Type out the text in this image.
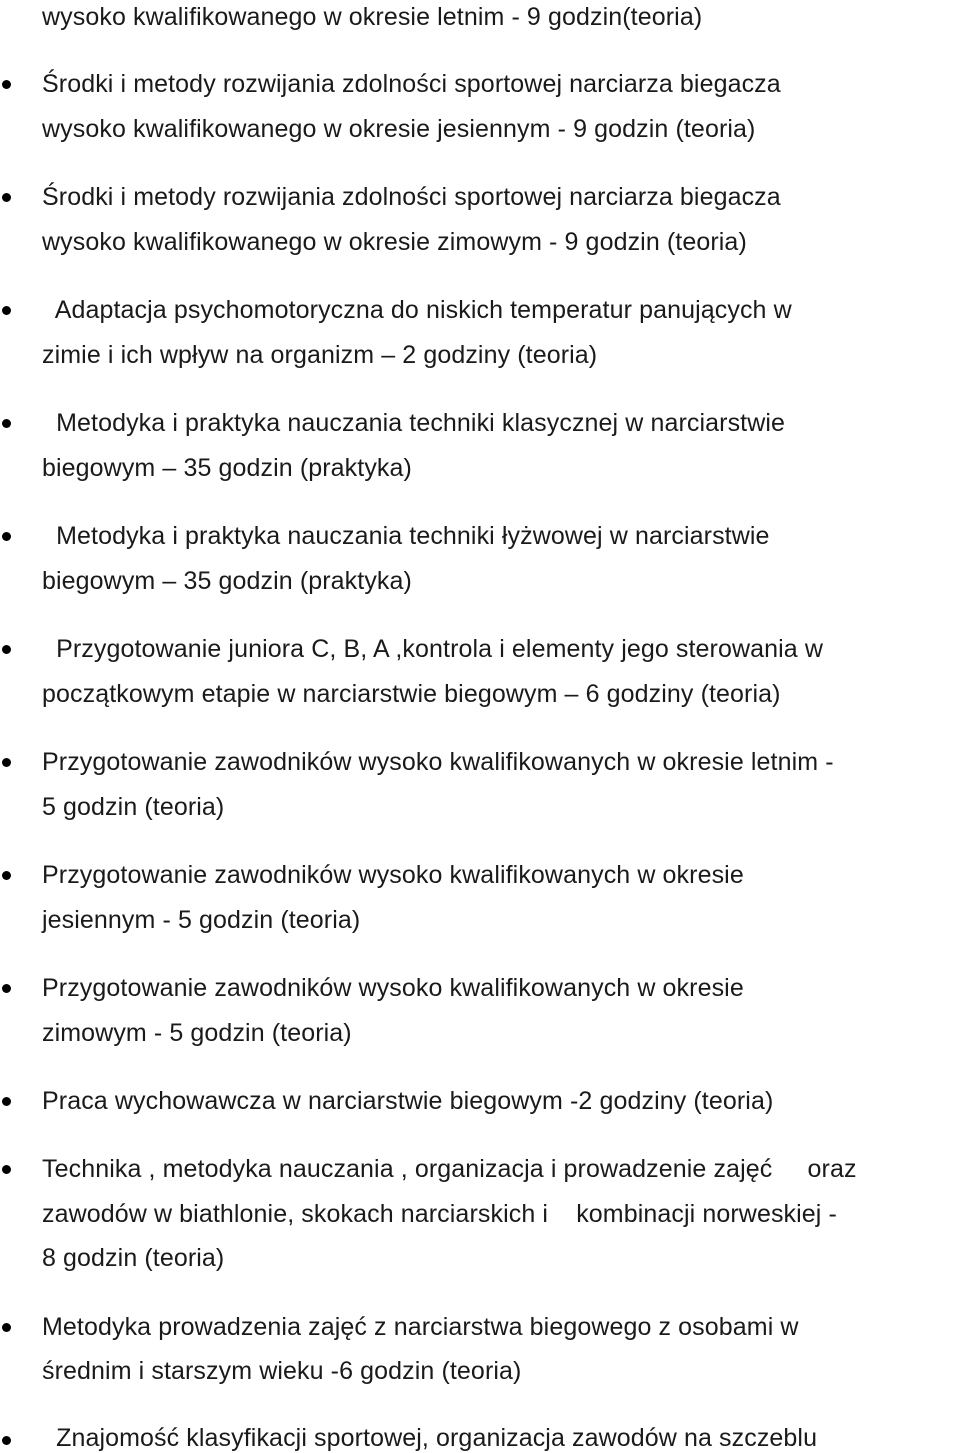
wysoko kwalifikowanego w okresie letnim - 9 godzin(teoria)
Środki i metody rozwijania zdolności sportowej narciarza biegacza
wysoko kwalifikowanego w okresie jesiennym - 9 godzin (teoria)
Środki i metody rozwijania zdolności sportowej narciarza biegacza
wysoko kwalifikowanego w okresie zimowym - 9 godzin (teoria)
Adaptacja psychomotoryczna do niskich temperatur panujących w
zimie i ich wpływ na organizm – 2 godziny (teoria)
Metodyka i praktyka nauczania techniki klasycznej w narciarstwie
biegowym – 35 godzin (praktyka)
Metodyka i praktyka nauczania techniki łyżwowej w narciarstwie
biegowym – 35 godzin (praktyka)
Przygotowanie juniora C, B, A ,kontrola i elementy jego sterowania w
początkowym etapie w narciarstwie biegowym – 6 godziny (teoria)
Przygotowanie zawodników wysoko kwalifikowanych w okresie letnim -
5 godzin (teoria)
Przygotowanie zawodników wysoko kwalifikowanych w okresie
jesiennym - 5 godzin (teoria)
Przygotowanie zawodników wysoko kwalifikowanych w okresie
zimowym - 5 godzin (teoria)
Praca wychowawcza w narciarstwie biegowym -2 godziny (teoria)
Technika , metodyka nauczania , organizacja i prowadzenie zajęć     oraz
zawodów w biathlonie, skokach narciarskich i    kombinacji norweskiej -
8 godzin (teoria)
Metodyka prowadzenia zajęć z narciarstwa biegowego z osobami w
średnim i starszym wieku -6 godzin (teoria)
Znajomość klasyfikacji sportowej, organizacja zawodów na szczeblu
